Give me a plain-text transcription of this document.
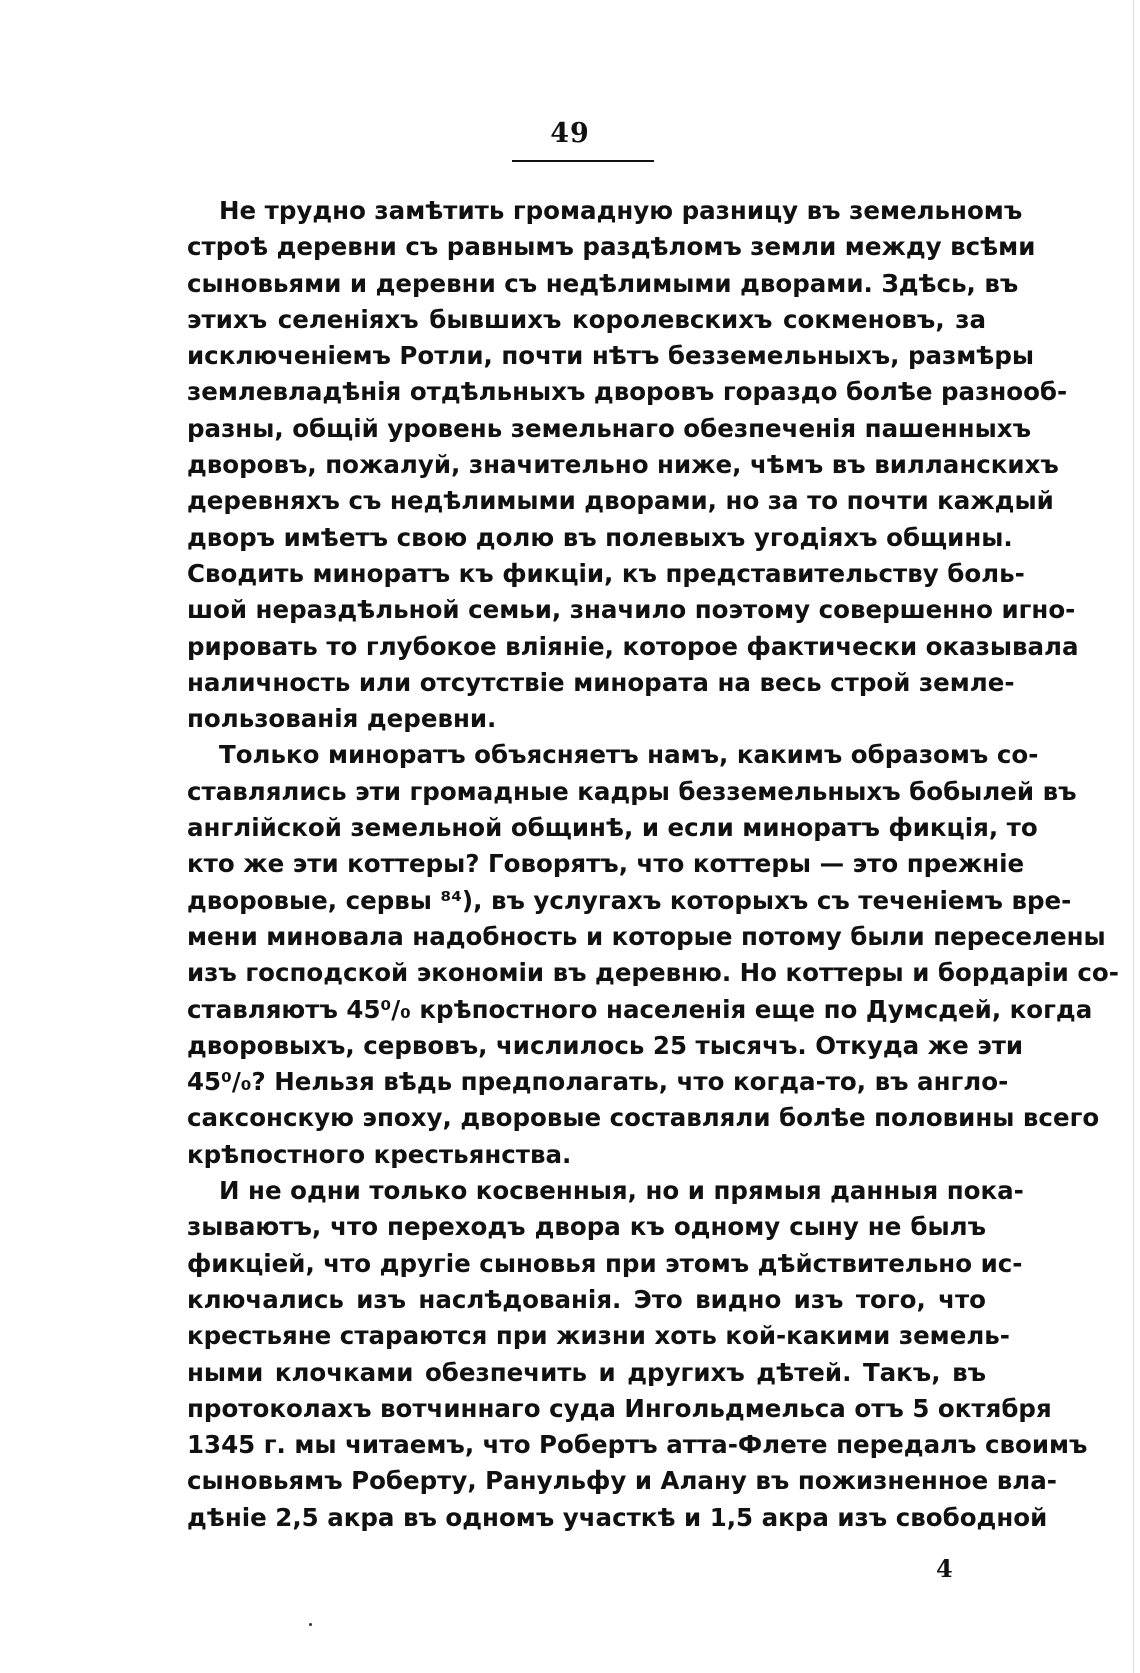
49
Не трудно замѣтить громадную разницу въ земельномъ
строѣ деревни съ равнымъ раздѣломъ земли между всѣми
сыновьями и деревни съ недѣлимыми дворами. Здѣсь, въ
этихъ селеніяхъ бывшихъ королевскихъ сокменовъ, за
исключеніемъ Ротли, почти нѣтъ безземельныхъ, размѣры
землевладѣнія отдѣльныхъ дворовъ гораздо болѣе разнооб-
разны, общій уровень земельнаго обезпеченія пашенныхъ
дворовъ, пожалуй, значительно ниже, чѣмъ въ вилланскихъ
деревняхъ съ недѣлимыми дворами, но за то почти каждый
дворъ имѣетъ свою долю въ полевыхъ угодіяхъ общины.
Сводить минoратъ къ фикціи, къ представительству боль-
шой нераздѣльной семьи, значило поэтому совершенно игно-
рировать то глубокое вліяніе, которое фактически оказывала
наличность или отсутствіе минората на весь строй земле-
пользованія деревни.
Только миноратъ объясняетъ намъ, какимъ образомъ со-
ставлялись эти громадные кадры безземельныхъ бобылей въ
англійской земельной общинѣ, и если миноратъ фикція, то
кто же эти коттеры? Говорятъ, что коттеры — это прежніе
дворовые, сервы ⁸⁴), въ услугахъ которыхъ съ теченіемъ вре-
мени миновала надобность и которые потому были переселены
изъ господской экономіи въ деревню. Но коттеры и бордаріи со-
ставляютъ 45⁰/₀ крѣпостного населенія еще по Думсдей, когда
дворовыхъ, сервовъ, числилось 25 тысячъ. Откуда же эти
45⁰/₀? Нельзя вѣдь предполагать, что когда-то, въ англо-
саксонскую эпоху, дворовые составляли болѣе половины всего
крѣпостного крестьянства.
И не одни только косвенныя, но и прямыя данныя пока-
зываютъ, что переходъ двора къ одному сыну не былъ
фикціей, что другіе сыновья при этомъ дѣйствительно ис-
ключались изъ наслѣдованія. Это видно изъ того, что
крестьяне стараются при жизни хоть кой-какими земель-
ными клочками обезпечить и другихъ дѣтей. Такъ, въ
протоколахъ вотчиннаго суда Ингольдмельса отъ 5 октября
1345 г. мы читаемъ, что Робертъ атта-Флете передалъ своимъ
сыновьямъ Роберту, Ранульфу и Алану въ пожизненное вла-
дѣніе 2,5 акра въ одномъ участкѣ и 1,5 акра изъ свободной
4
